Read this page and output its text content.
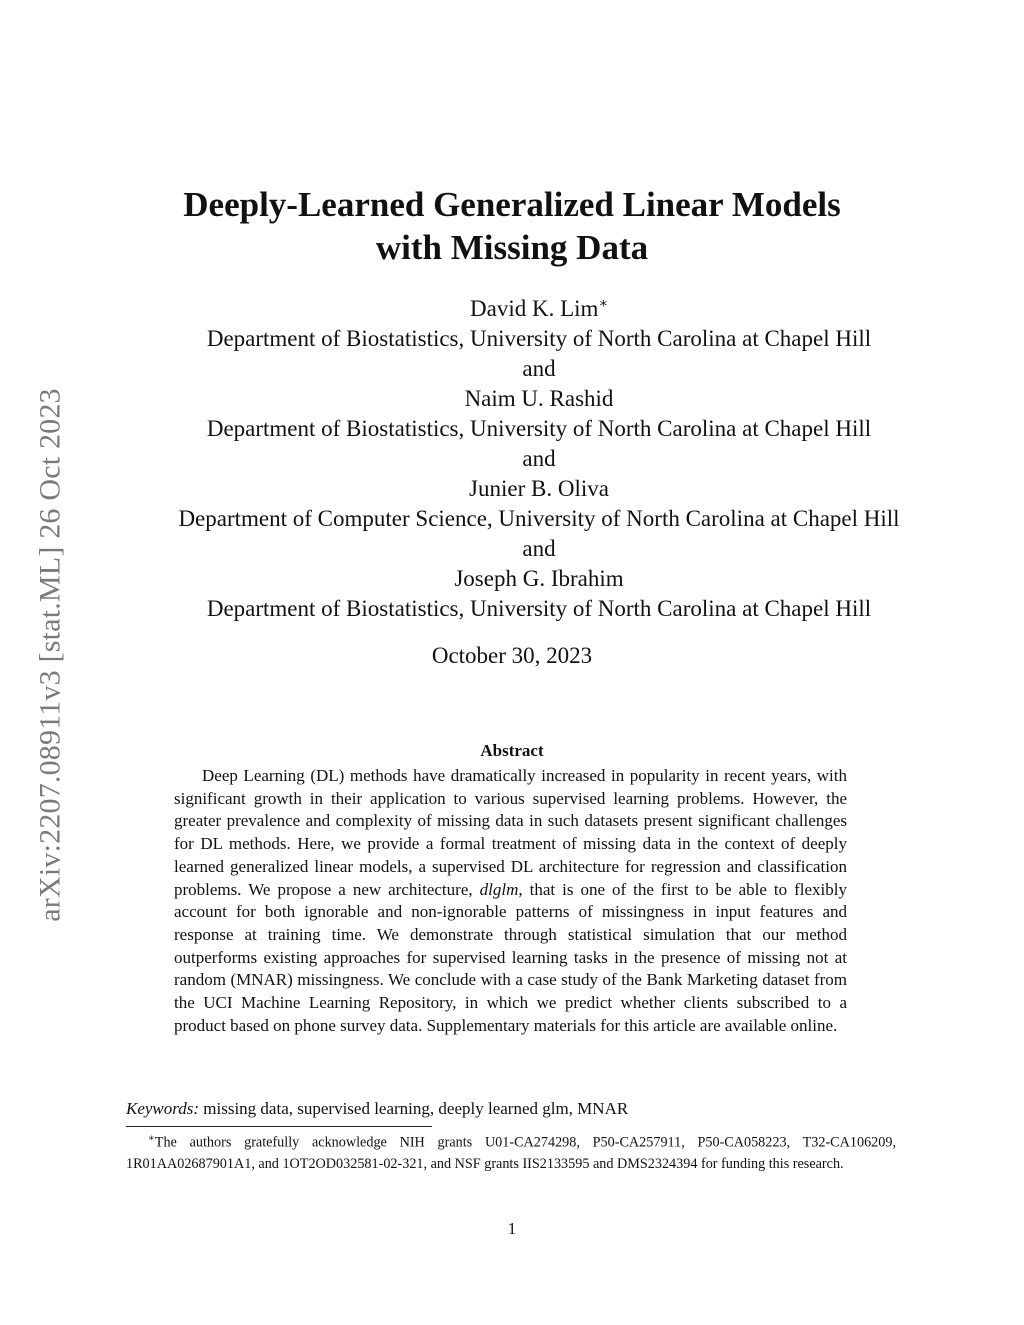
arXiv:2207.08911v3 [stat.ML] 26 Oct 2023
Deeply-Learned Generalized Linear Models
with Missing Data
David K. Lim∗
Department of Biostatistics, University of North Carolina at Chapel Hill
and
Naim U. Rashid
Department of Biostatistics, University of North Carolina at Chapel Hill
and
Junier B. Oliva
Department of Computer Science, University of North Carolina at Chapel Hill
and
Joseph G. Ibrahim
Department of Biostatistics, University of North Carolina at Chapel Hill
October 30, 2023
Abstract
Deep Learning (DL) methods have dramatically increased in popularity in recent years, with significant growth in their application to various supervised learning problems. However, the greater prevalence and complexity of missing data in such datasets present significant challenges for DL methods. Here, we provide a formal treatment of missing data in the context of deeply learned generalized linear models, a supervised DL architecture for regression and classification problems. We propose a new architecture, dlglm, that is one of the first to be able to flexibly account for both ignorable and non-ignorable patterns of missingness in input features and response at training time. We demonstrate through statistical simulation that our method outperforms existing approaches for supervised learning tasks in the presence of missing not at random (MNAR) missingness. We conclude with a case study of the Bank Marketing dataset from the UCI Machine Learning Repository, in which we predict whether clients subscribed to a product based on phone survey data. Supplementary materials for this article are available online.
Keywords: missing data, supervised learning, deeply learned glm, MNAR
∗The authors gratefully acknowledge NIH grants U01-CA274298, P50-CA257911, P50-CA058223, T32-CA106209, 1R01AA02687901A1, and 1OT2OD032581-02-321, and NSF grants IIS2133595 and DMS2324394 for funding this research.
1
